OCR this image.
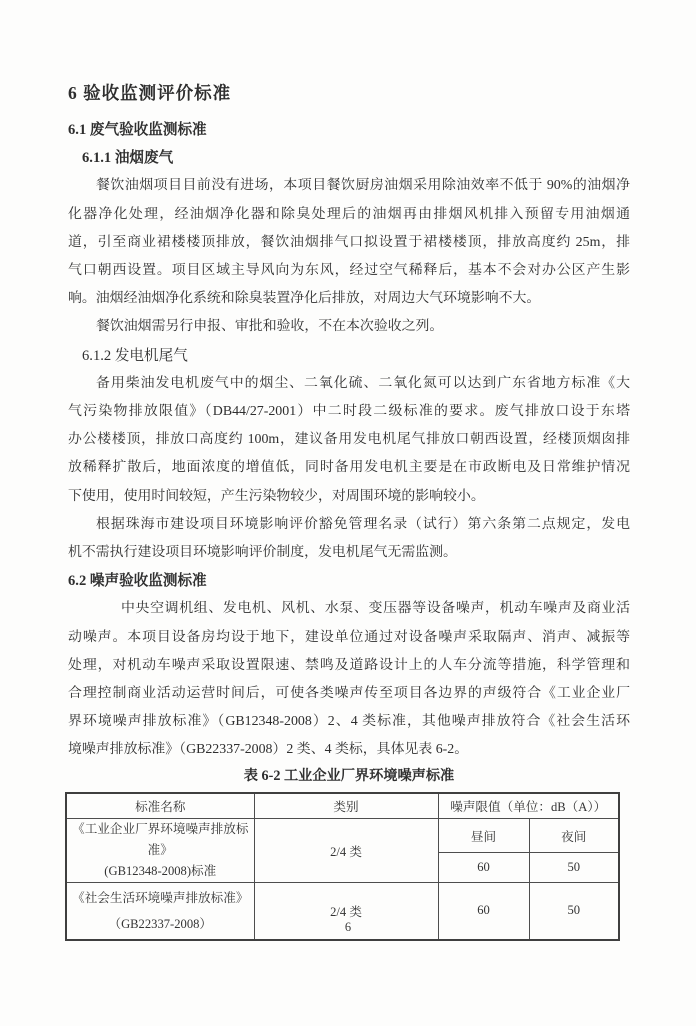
6 验收监测评价标准
6.1 废气验收监测标准
6.1.1 油烟废气
餐饮油烟项目目前没有进场，本项目餐饮厨房油烟采用除油效率不低于 90%的油烟净
化器净化处理，经油烟净化器和除臭处理后的油烟再由排烟风机排入预留专用油烟通
道，引至商业裙楼楼顶排放，餐饮油烟排气口拟设置于裙楼楼顶，排放高度约 25m，排
气口朝西设置。项目区域主导风向为东风，经过空气稀释后，基本不会对办公区产生影
响。油烟经油烟净化系统和除臭装置净化后排放，对周边大气环境影响不大。
餐饮油烟需另行申报、审批和验收，不在本次验收之列。
6.1.2 发电机尾气
备用柴油发电机废气中的烟尘、二氧化硫、二氧化氮可以达到广东省地方标准《大
气污染物排放限值》（DB44/27-2001）中二时段二级标准的要求。废气排放口设于东塔
办公楼楼顶，排放口高度约 100m，建议备用发电机尾气排放口朝西设置，经楼顶烟囱排
放稀释扩散后，地面浓度的增值低，同时备用发电机主要是在市政断电及日常维护情况
下使用，使用时间较短，产生污染物较少，对周围环境的影响较小。
根据珠海市建设项目环境影响评价豁免管理名录（试行）第六条第二点规定，发电
机不需执行建设项目环境影响评价制度，发电机尾气无需监测。
6.2 噪声验收监测标准
中央空调机组、发电机、风机、水泵、变压器等设备噪声，机动车噪声及商业活
动噪声。本项目设备房均设于地下，建设单位通过对设备噪声采取隔声、消声、减振等
处理，对机动车噪声采取设置限速、禁鸣及道路设计上的人车分流等措施，科学管理和
合理控制商业活动运营时间后，可使各类噪声传至项目各边界的声级符合《工业企业厂
界环境噪声排放标准》（GB12348-2008）2、4 类标准，其他噪声排放符合《社会生活环
境噪声排放标准》（GB22337-2008）2 类、4 类标，具体见表 6-2。
表 6-2 工业企业厂界环境噪声标准
标准名称	类别	噪声限值（单位：dB（A））	

《工业企业厂界环境噪声排放标准》
(GB12348-2008)标准	2/4 类	昼间	夜间
		60	50

《社会生活环境噪声排放标准》
（GB22337-2008）	2/4 类	60	50
6
